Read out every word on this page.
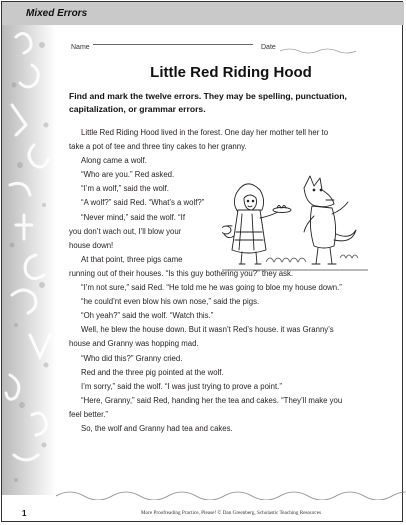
Mixed Errors
Name	Date
Little Red Riding Hood
Find and mark the twelve errors. They may be spelling, punctuation, capitalization, or grammar errors.

Little Red Riding Hood lived in the forest. One day her mother tell her to

take a pot of tee and three tiny cakes to her granny.

Along came a wolf.

“Who are you.” Red asked.

“I’m a wolf,” said the wolf.

“A wolf?” said Red. “What’s a wolf?”

“Never mind,” said the wolf. “If

you don’t wach out, I’ll blow your

house down!

At that point, three pigs came

running out of their houses. “Is this guy bothering you?” they ask.

“I’m not sure,” said Red. “He told me he was going to bloe my house down.”

“he could’nt even blow his own nose,” said the pigs.

“Oh yeah?” said the wolf. “Watch this.”

Well, he blew the house down. But it wasn’t Red’s house. it was Granny’s

house and Granny was hopping mad.

“Who did this?” Granny cried.

Red and the three pig pointed at the wolf.

I’m sorry,” said the wolf. “I was just trying to prove a point.”

“Here, Granny,” said Red, handing her the tea and cakes. “They’ll make you

feel better.”

So, the wolf and Granny had tea and cakes.

1	More Proofreading Practice, Please! © Dan Greenberg, Scholastic Teaching Resources
